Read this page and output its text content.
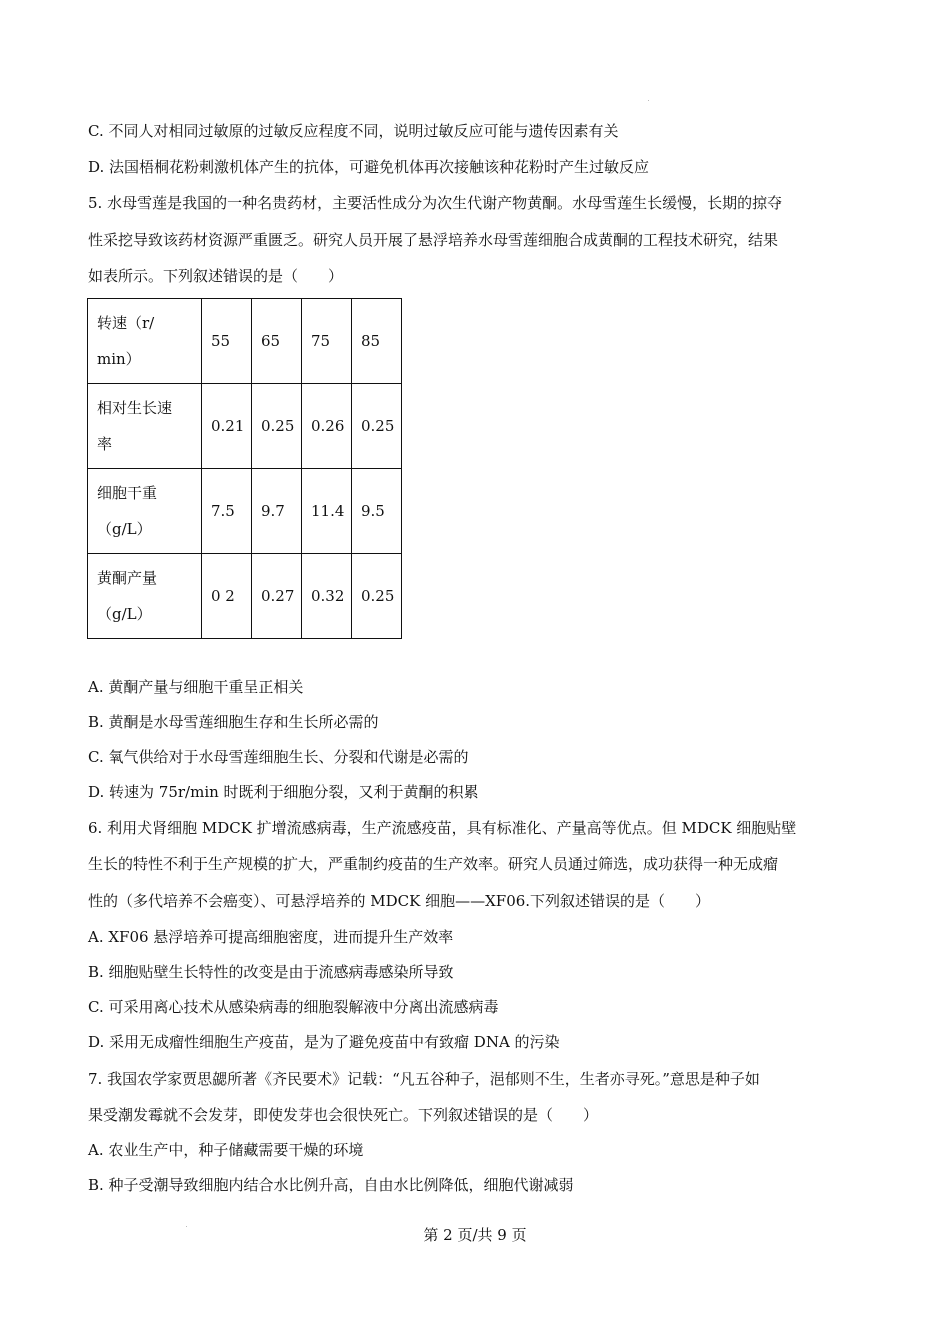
C. 不同人对相同过敏原的过敏反应程度不同，说明过敏反应可能与遗传因素有关
D. 法国梧桐花粉刺激机体产生的抗体，可避免机体再次接触该种花粉时产生过敏反应
5. 水母雪莲是我国的一种名贵药材，主要活性成分为次生代谢产物黄酮。水母雪莲生长缓慢，长期的掠夺
性采挖导致该药材资源严重匮乏。研究人员开展了悬浮培养水母雪莲细胞合成黄酮的工程技术研究，结果
如表所示。下列叙述错误的是（　　）
转速（r/
min）	55	65	75	85
相对生长速
率	0.21	0.25	0.26	0.25
细胞干重
（g/L）	7.5	9.7	11.4	9.5
黄酮产量
（g/L）	0 2	0.27	0.32	0.25
A. 黄酮产量与细胞干重呈正相关
B. 黄酮是水母雪莲细胞生存和生长所必需的
C. 氧气供给对于水母雪莲细胞生长、分裂和代谢是必需的
D. 转速为 75r/min 时既利于细胞分裂，又利于黄酮的积累
6. 利用犬肾细胞 MDCK 扩增流感病毒，生产流感疫苗，具有标准化、产量高等优点。但 MDCK 细胞贴壁
生长的特性不利于生产规模的扩大，严重制约疫苗的生产效率。研究人员通过筛选，成功获得一种无成瘤
性的（多代培养不会癌变）、可悬浮培养的 MDCK 细胞——XF06.下列叙述错误的是（　　）
A. XF06 悬浮培养可提高细胞密度，进而提升生产效率
B. 细胞贴壁生长特性的改变是由于流感病毒感染所导致
C. 可采用离心技术从感染病毒的细胞裂解液中分离出流感病毒
D. 采用无成瘤性细胞生产疫苗，是为了避免疫苗中有致瘤 DNA 的污染
7. 我国农学家贾思勰所著《齐民要术》记载：“凡五谷种子，浥郁则不生，生者亦寻死。”意思是种子如
果受潮发霉就不会发芽，即使发芽也会很快死亡。下列叙述错误的是（　　）
A. 农业生产中，种子储藏需要干燥的环境
B. 种子受潮导致细胞内结合水比例升高，自由水比例降低，细胞代谢减弱
第 2 页/共 9 页
